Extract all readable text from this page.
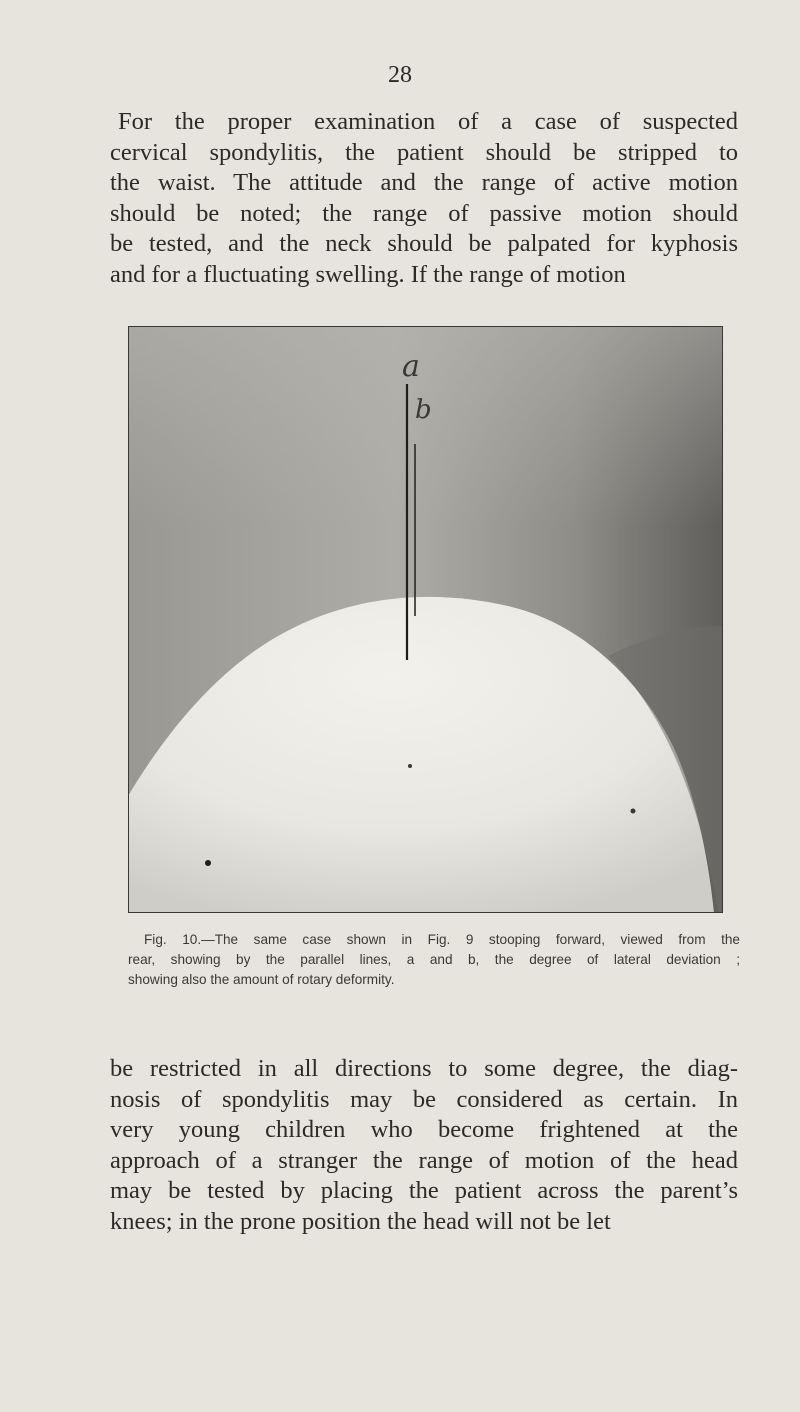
28

For the proper examination of a case of suspected
cervical spondylitis, the patient should be stripped to
the waist. The attitude and the range of active motion
should be noted; the range of passive motion should
be tested, and the neck should be palpated for kyphosis
and for a fluctuating swelling. If the range of motion

a
b

Fig. 10.—The same case shown in Fig. 9 stooping forward, viewed from the
rear, showing by the parallel lines, a and b, the degree of lateral deviation ;
showing also the amount of rotary deformity.

be restricted in all directions to some degree, the diag-
nosis of spondylitis may be considered as certain. In
very young children who become frightened at the
approach of a stranger the range of motion of the head
may be tested by placing the patient across the parent’s
knees; in the prone position the head will not be let
